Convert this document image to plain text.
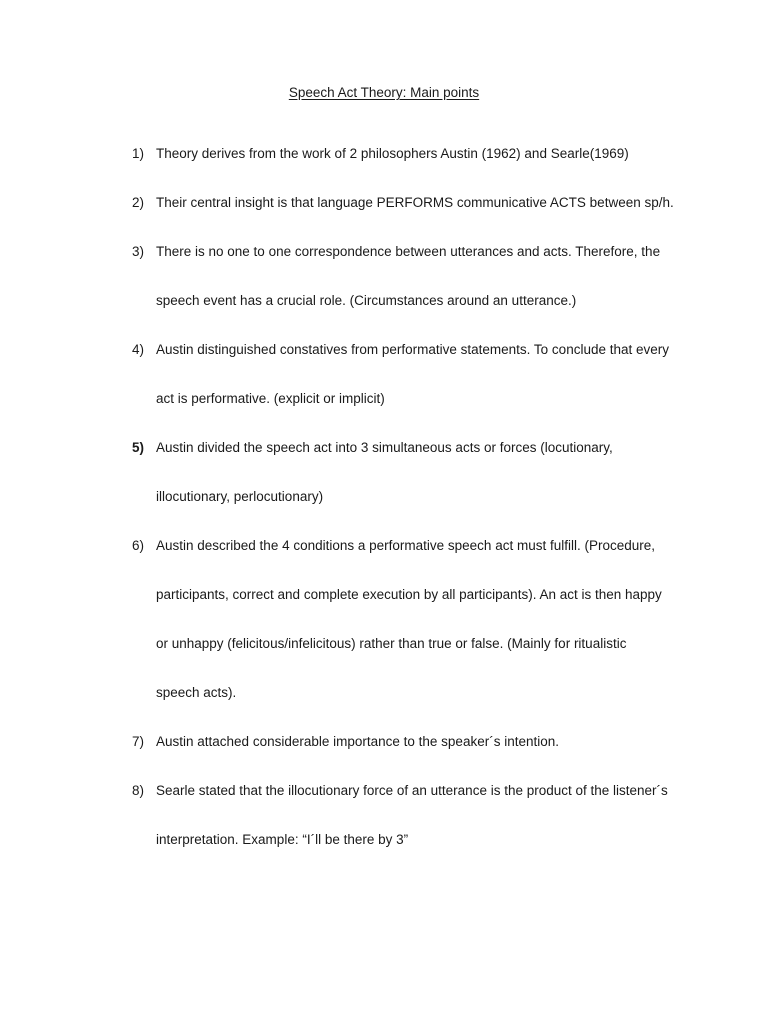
Speech Act Theory: Main points
1) Theory derives from the work of 2 philosophers Austin (1962) and Searle(1969)
2) Their central insight is that language PERFORMS communicative ACTS between sp/h.
3) There is no one to one correspondence between utterances and acts. Therefore, the
speech event has a crucial role. (Circumstances around an utterance.)
4) Austin distinguished constatives from performative statements. To conclude that every
act is performative. (explicit or implicit)
5) Austin divided the speech act into 3 simultaneous acts or forces (locutionary,
illocutionary, perlocutionary)
6) Austin described the 4 conditions a performative speech act must fulfill. (Procedure,
participants, correct and complete execution by all participants). An act is then happy
or unhappy (felicitous/infelicitous) rather than true or false. (Mainly for ritualistic
speech acts).
7) Austin attached considerable importance to the speaker´s intention.
8) Searle stated that the illocutionary force of an utterance is the product of the listener´s
interpretation. Example: “I´ll be there by 3”
